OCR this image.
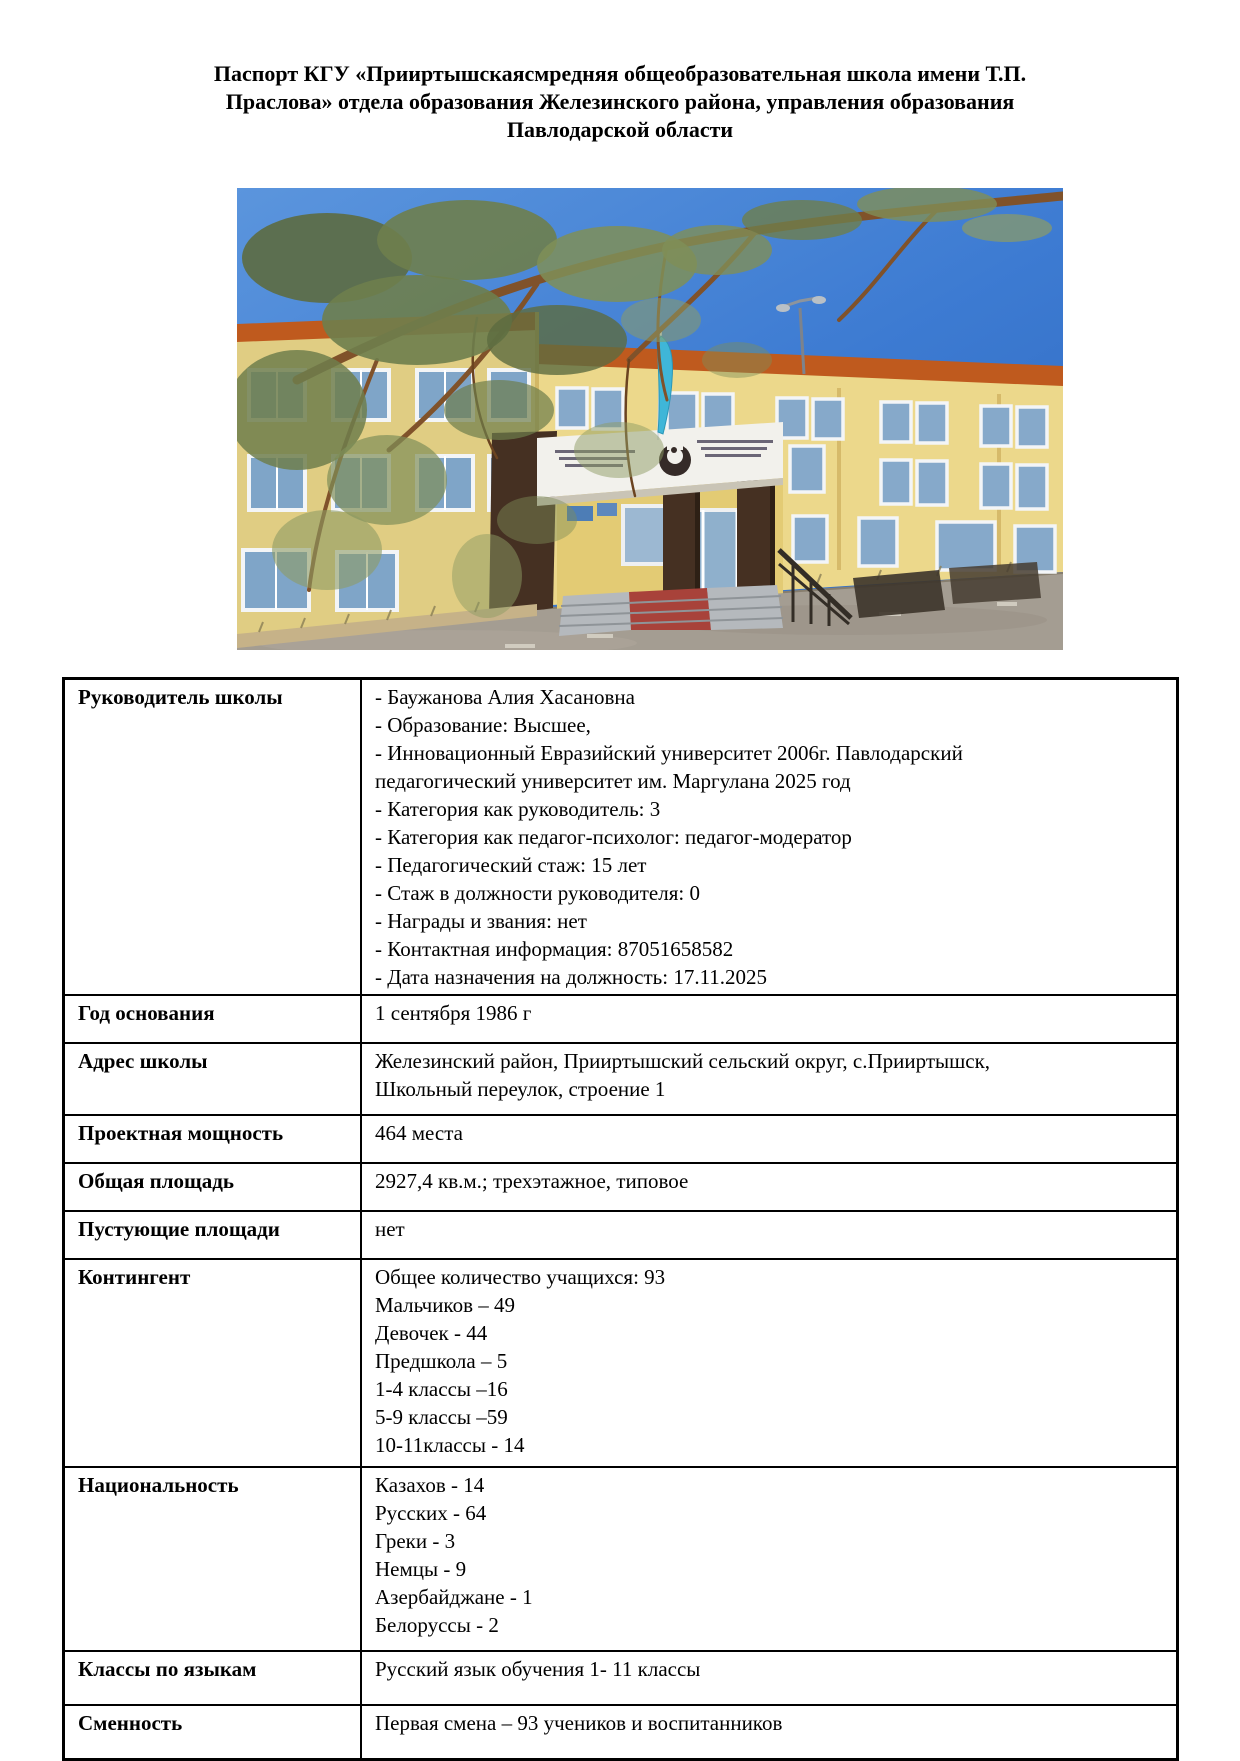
Паспорт КГУ «Прииртышскаясмредняя общеобразовательная школа имени Т.П.
Праслова» отдела образования Железинского района, управления образования
Павлодарской области
Руководитель школы	- Баужанова Алия Хасановна
- Образование: Высшее,
- Инновационный Евразийский университет 2006г. Павлодарский
педагогический университет им. Маргулана 2025 год
- Категория как руководитель: 3
- Категория как педагог-психолог: педагог-модератор
- Педагогический стаж: 15 лет
- Стаж в должности руководителя: 0
- Награды и звания: нет
- Контактная информация: 87051658582
- Дата назначения на должность: 17.11.2025

Год основания	1 сентября 1986 г

Адрес школы	Железинский район, Прииртышский сельский округ, с.Прииртышск,
Школьный переулок, строение 1

Проектная мощность	464 места

Общая площадь	2927,4 кв.м.; трехэтажное, типовое

Пустующие площади	нет

Контингент	Общее количество учащихся: 93
Мальчиков – 49
Девочек - 44
Предшкола – 5
1-4 классы –16
5-9 классы –59
10-11классы - 14

Национальность	Казахов - 14
Русских - 64
Греки - 3
Немцы - 9
Азербайджане - 1
Белоруссы - 2

Классы по языкам	Русский язык обучения 1- 11 классы

Сменность	Первая смена – 93 учеников и воспитанников
